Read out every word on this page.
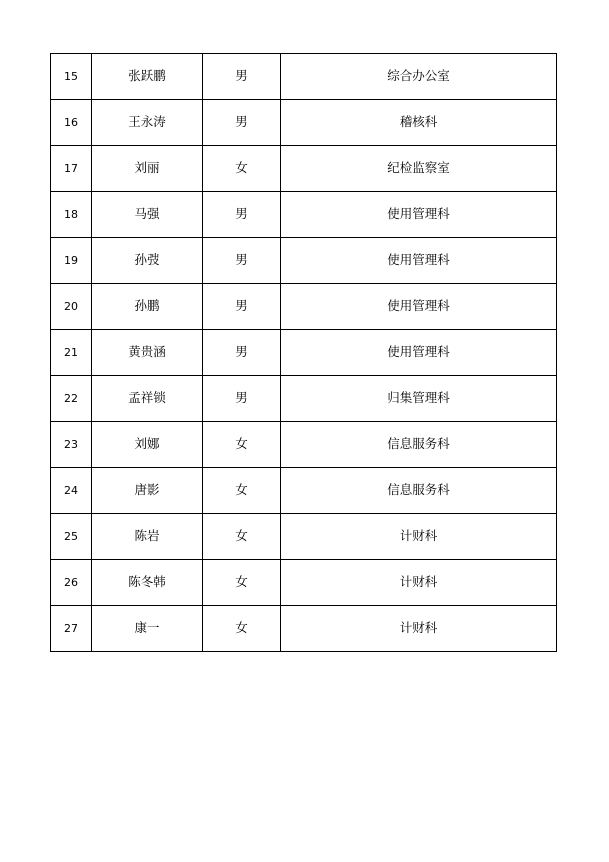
15	张跃鹏	男	综合办公室
16	王永涛	男	稽核科
17	刘丽	女	纪检监察室
18	马强	男	使用管理科
19	孙弢	男	使用管理科
20	孙鹏	男	使用管理科
21	黄贵涵	男	使用管理科
22	孟祥锁	男	归集管理科
23	刘娜	女	信息服务科
24	唐影	女	信息服务科
25	陈岩	女	计财科
26	陈冬韩	女	计财科
27	康一	女	计财科
